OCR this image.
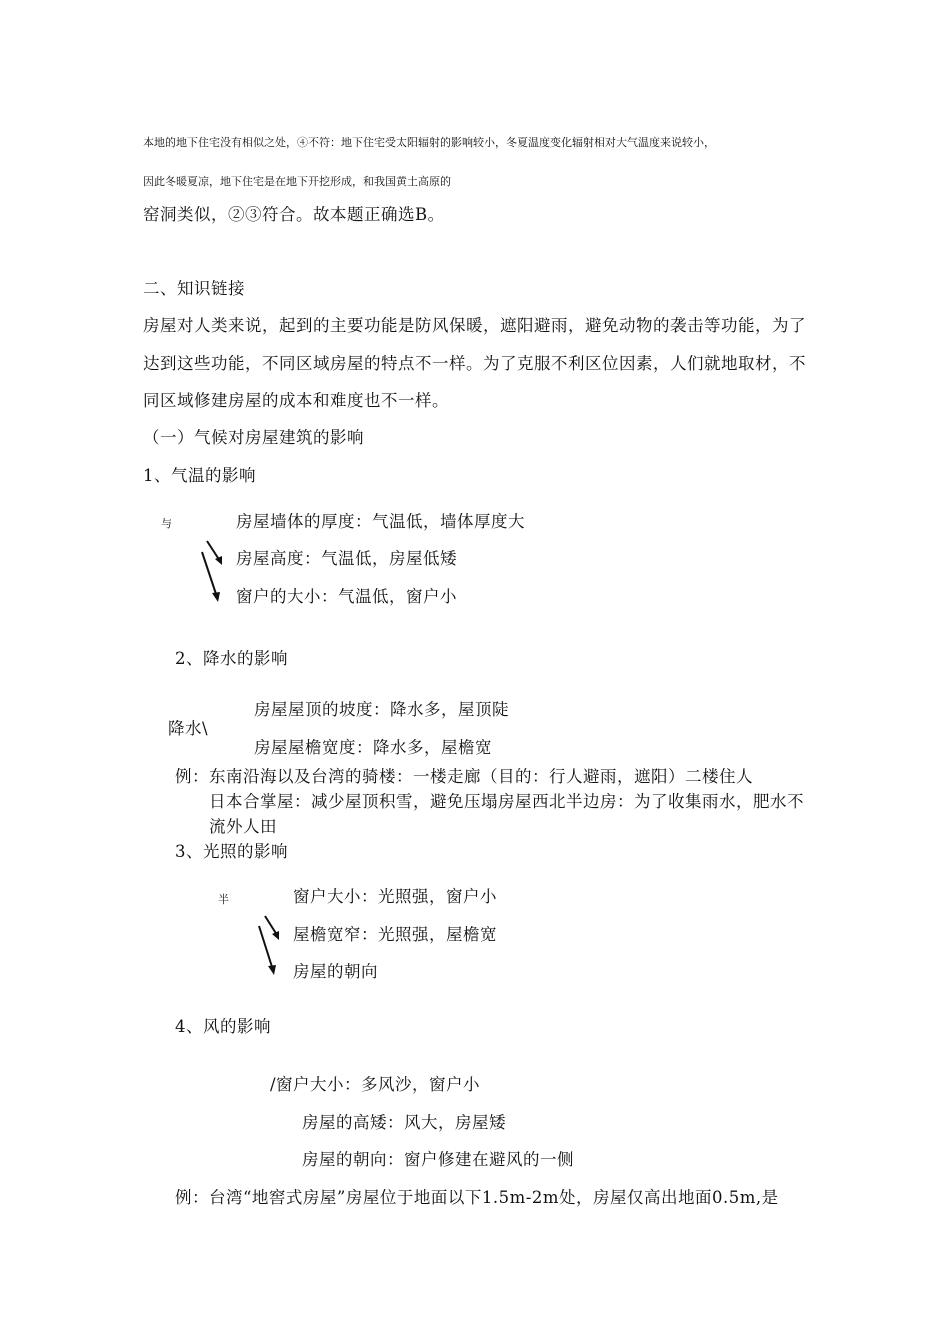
本地的地下住宅没有相似之处，④不符：地下住宅受太阳辐射的影响较小，冬夏温度变化辐射相对大气温度来说较小，
因此冬暖夏凉，地下住宅是在地下开挖形成，和我国黄土高原的
窑洞类似，②③符合。故本题正确选B。
二、知识链接
房屋对人类来说，起到的主要功能是防风保暖，遮阳避雨，避免动物的袭击等功能，为了
达到这些功能，不同区域房屋的特点不一样。为了克服不利区位因素，人们就地取材，不
同区域修建房屋的成本和难度也不一样。
（一）气候对房屋建筑的影响
1、气温的影响
与	房屋墙体的厚度：气温低，墙体厚度大
房屋高度：气温低，房屋低矮
窗户的大小：气温低，窗户小
2、降水的影响
房屋屋顶的坡度：降水多，屋顶陡
降水\
房屋屋檐宽度：降水多，屋檐宽
例：东南沿海以及台湾的骑楼：一楼走廊（目的：行人避雨，遮阳）二楼住人
日本合掌屋：减少屋顶积雪，避免压塌房屋西北半边房：为了收集雨水，肥水不
流外人田
3、光照的影响
半	窗户大小：光照强，窗户小
屋檐宽窄：光照强，屋檐宽
房屋的朝向
4、风的影响
/窗户大小：多风沙，窗户小
房屋的高矮：风大，房屋矮
房屋的朝向：窗户修建在避风的一侧
例：台湾“地窖式房屋”房屋位于地面以下1.5m-2m处，房屋仅高出地面0.5m,是
